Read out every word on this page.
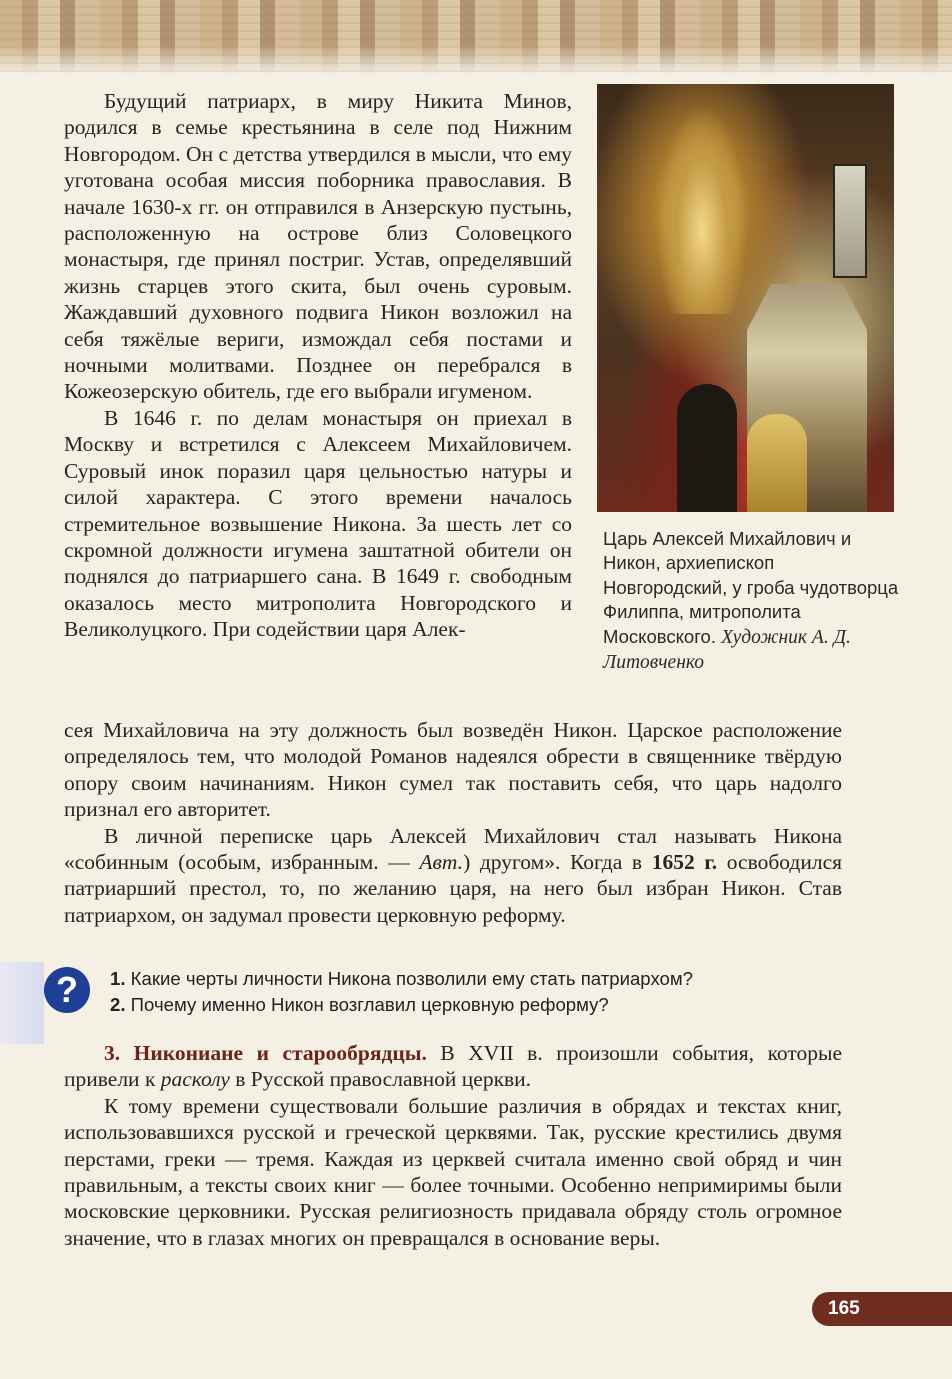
Будущий патриарх, в миру Никита Минов, родился в семье крестьянина в селе под Нижним Новгородом. Он с детства утвердился в мысли, что ему уготована особая миссия поборника православия. В начале 1630-х гг. он отправился в Анзерскую пустынь, расположенную на острове близ Соловецкого монастыря, где принял постриг. Устав, определявший жизнь старцев этого скита, был очень суровым. Жаждавший духовного подвига Никон возложил на себя тяжёлые вериги, измождал себя постами и ночными молитвами. Позднее он перебрался в Кожеозерскую обитель, где его выбрали игуменом.

В 1646 г. по делам монастыря он приехал в Москву и встретился с Алексеем Михайловичем. Суровый инок поразил царя цельностью натуры и силой характера. С этого времени началось стремительное возвышение Никона. За шесть лет со скромной должности игумена заштатной обители он поднялся до патриаршего сана. В 1649 г. свободным оказалось место митрополита Новгородского и Великолуцкого. При содействии царя Алек-

Царь Алексей Михайлович и Никон, архиепископ Новгородский, у гроба чудотворца Филиппа, митрополита Московского. Художник А. Д. Литовченко

сея Михайловича на эту должность был возведён Никон. Царское расположение определялось тем, что молодой Романов надеялся обрести в священнике твёрдую опору своим начинаниям. Никон сумел так поставить себя, что царь надолго признал его авторитет.

В личной переписке царь Алексей Михайлович стал называть Никона «собинным (особым, избранным. — Авт.) другом». Когда в 1652 г. освободился патриарший престол, то, по желанию царя, на него был избран Никон. Став патриархом, он задумал провести церковную реформу.

?	1. Какие черты личности Никона позволили ему стать патриархом?
2. Почему именно Никон возглавил церковную реформу?

3. Никониане и старообрядцы. В XVII в. произошли события, которые привели к расколу в Русской православной церкви.

К тому времени существовали большие различия в обрядах и текстах книг, использовавшихся русской и греческой церквями. Так, русские крестились двумя перстами, греки — тремя. Каждая из церквей считала именно свой обряд и чин правильным, а тексты своих книг — более точными. Особенно непримиримы были московские церковники. Русская религиозность придавала обряду столь огромное значение, что в глазах многих он превращался в основание веры.

165
